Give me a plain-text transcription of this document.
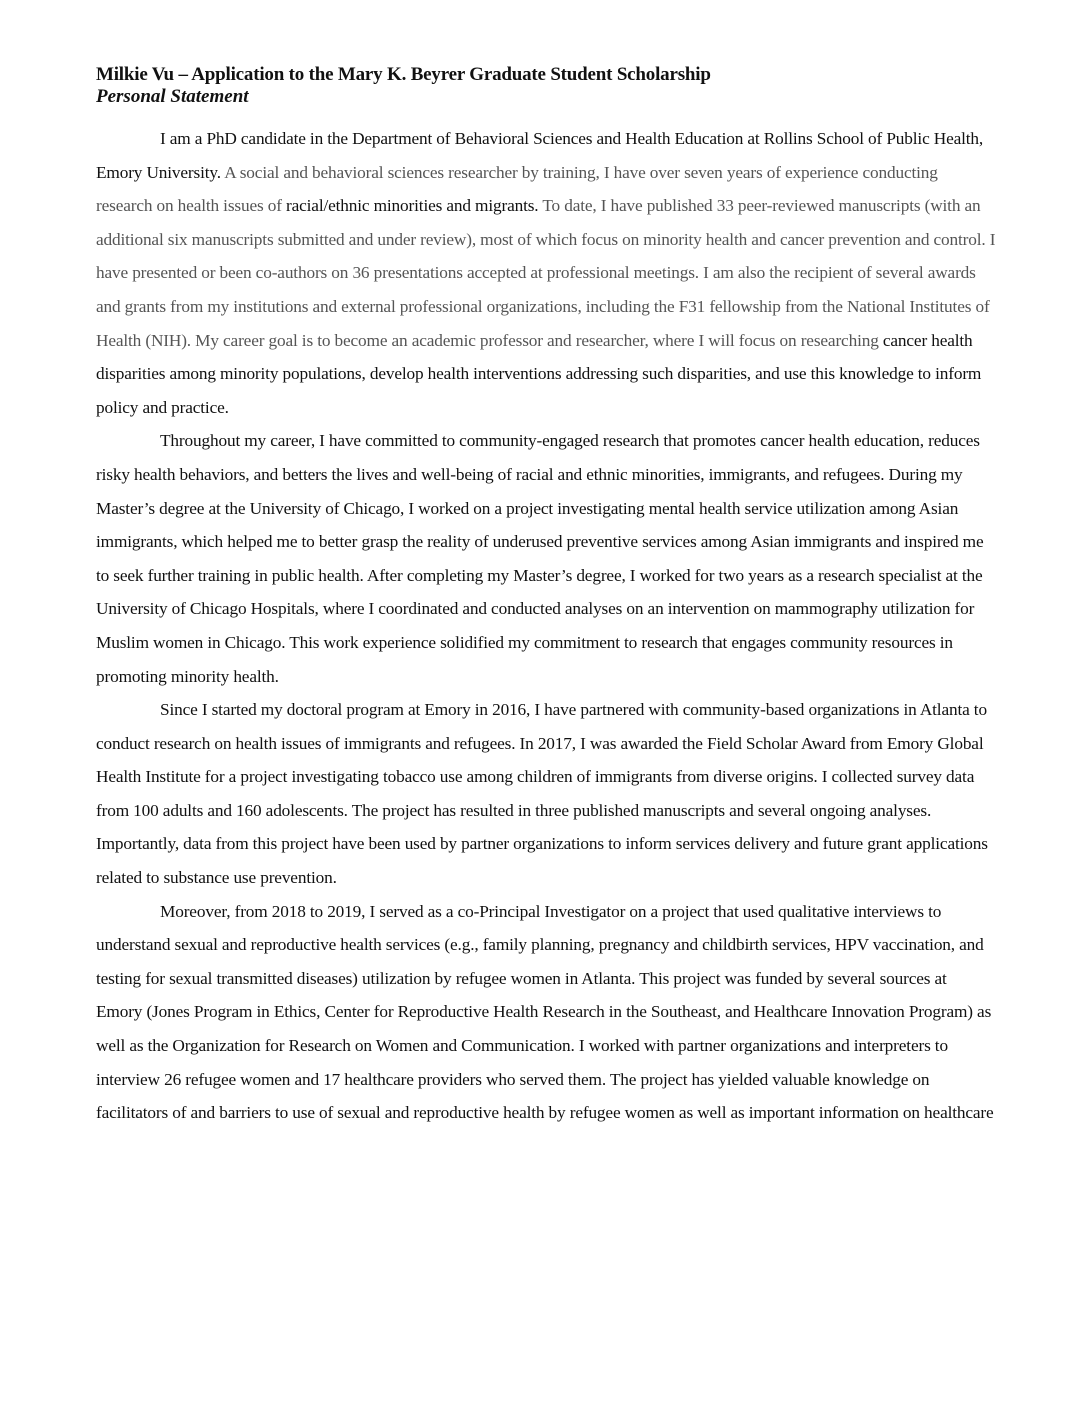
Milkie Vu – Application to the Mary K. Beyrer Graduate Student Scholarship
Personal Statement

I am a PhD candidate in the Department of Behavioral Sciences and Health Education at Rollins School of Public Health, Emory University. A social and behavioral sciences researcher by training, I have over seven years of experience conducting research on health issues of racial/ethnic minorities and migrants. To date, I have published 33 peer-reviewed manuscripts (with an additional six manuscripts submitted and under review), most of which focus on minority health and cancer prevention and control. I have presented or been co-authors on 36 presentations accepted at professional meetings. I am also the recipient of several awards and grants from my institutions and external professional organizations, including the F31 fellowship from the National Institutes of Health (NIH). My career goal is to become an academic professor and researcher, where I will focus on researching cancer health disparities among minority populations, develop health interventions addressing such disparities, and use this knowledge to inform policy and practice.

Throughout my career, I have committed to community-engaged research that promotes cancer health education, reduces risky health behaviors, and betters the lives and well-being of racial and ethnic minorities, immigrants, and refugees. During my Master’s degree at the University of Chicago, I worked on a project investigating mental health service utilization among Asian immigrants, which helped me to better grasp the reality of underused preventive services among Asian immigrants and inspired me to seek further training in public health. After completing my Master’s degree, I worked for two years as a research specialist at the University of Chicago Hospitals, where I coordinated and conducted analyses on an intervention on mammography utilization for Muslim women in Chicago. This work experience solidified my commitment to research that engages community resources in promoting minority health.

Since I started my doctoral program at Emory in 2016, I have partnered with community-based organizations in Atlanta to conduct research on health issues of immigrants and refugees. In 2017, I was awarded the Field Scholar Award from Emory Global Health Institute for a project investigating tobacco use among children of immigrants from diverse origins. I collected survey data from 100 adults and 160 adolescents. The project has resulted in three published manuscripts and several ongoing analyses. Importantly, data from this project have been used by partner organizations to inform services delivery and future grant applications related to substance use prevention.

Moreover, from 2018 to 2019, I served as a co-Principal Investigator on a project that used qualitative interviews to understand sexual and reproductive health services (e.g., family planning, pregnancy and childbirth services, HPV vaccination, and testing for sexual transmitted diseases) utilization by refugee women in Atlanta. This project was funded by several sources at Emory (Jones Program in Ethics, Center for Reproductive Health Research in the Southeast, and Healthcare Innovation Program) as well as the Organization for Research on Women and Communication. I worked with partner organizations and interpreters to interview 26 refugee women and 17 healthcare providers who served them. The project has yielded valuable knowledge on facilitators of and barriers to use of sexual and reproductive health by refugee women as well as important information on healthcare
